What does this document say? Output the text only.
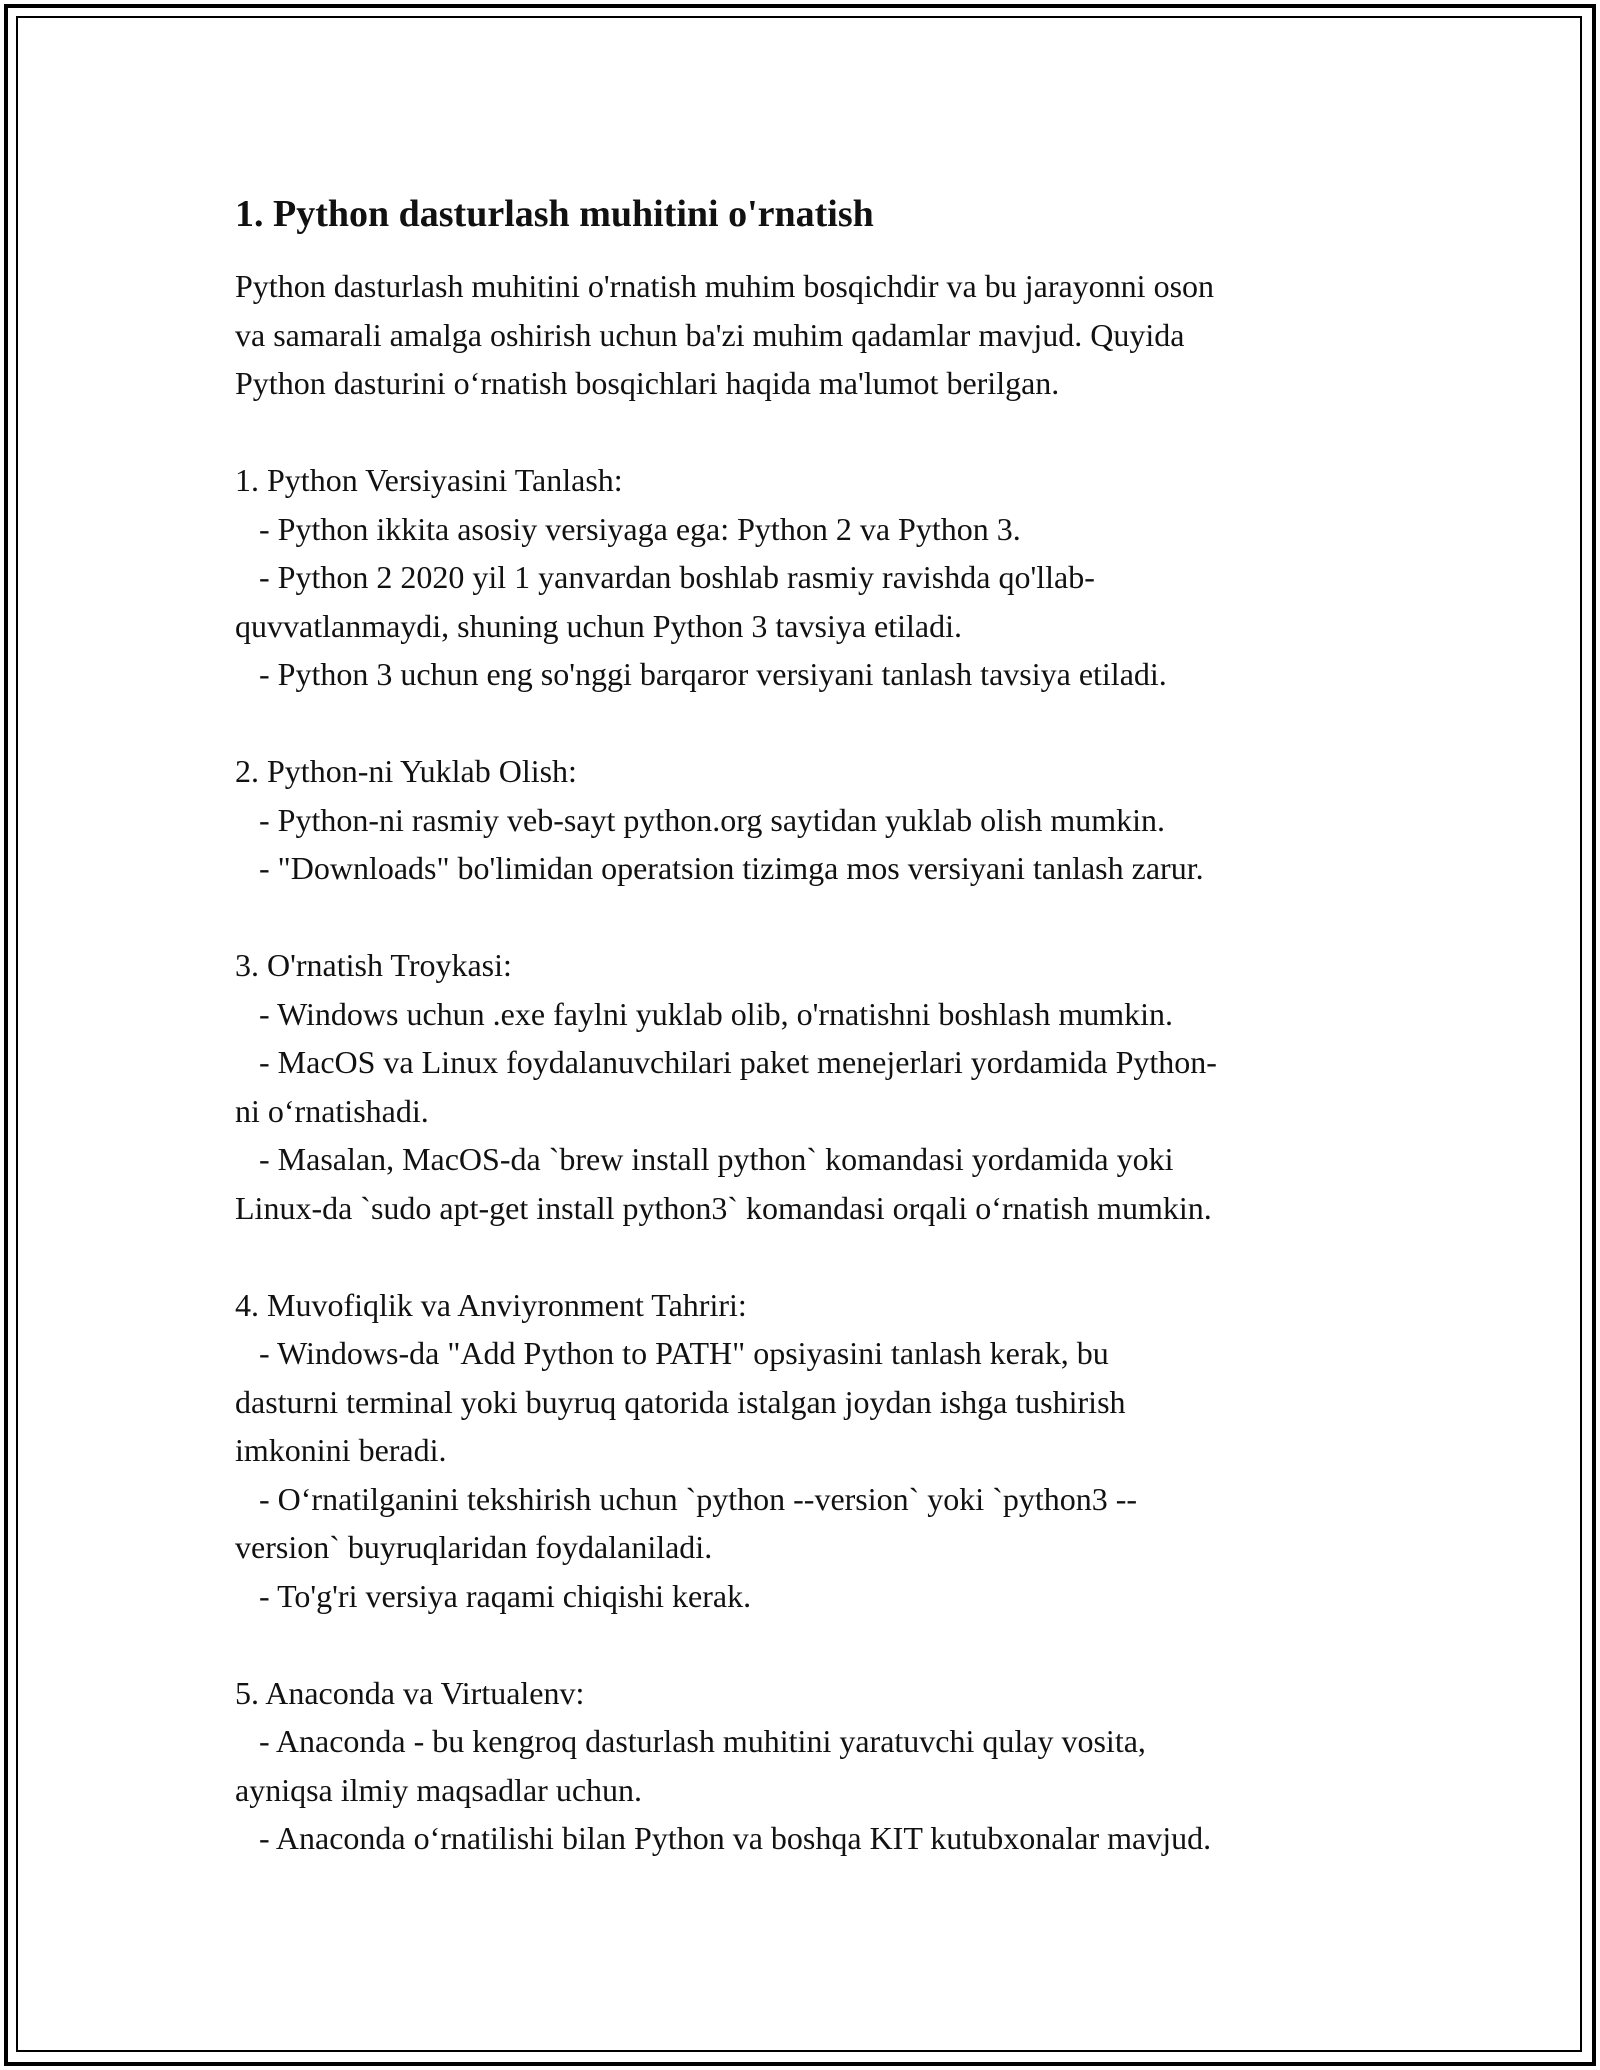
1. Python dasturlash muhitini o'rnatish
Python dasturlash muhitini o'rnatish muhim bosqichdir va bu jarayonni oson
va samarali amalga oshirish uchun ba'zi muhim qadamlar mavjud. Quyida
Python dasturini o‘rnatish bosqichlari haqida ma'lumot berilgan.
1. Python Versiyasini Tanlash:
- Python ikkita asosiy versiyaga ega: Python 2 va Python 3.
- Python 2 2020 yil 1 yanvardan boshlab rasmiy ravishda qo'llab-
quvvatlanmaydi, shuning uchun Python 3 tavsiya etiladi.
- Python 3 uchun eng so'nggi barqaror versiyani tanlash tavsiya etiladi.
2. Python-ni Yuklab Olish:
- Python-ni rasmiy veb-sayt python.org saytidan yuklab olish mumkin.
- "Downloads" bo'limidan operatsion tizimga mos versiyani tanlash zarur.
3. O'rnatish Troykasi:
- Windows uchun .exe faylni yuklab olib, o'rnatishni boshlash mumkin.
- MacOS va Linux foydalanuvchilari paket menejerlari yordamida Python-
ni o‘rnatishadi.
- Masalan, MacOS-da `brew install python` komandasi yordamida yoki
Linux-da `sudo apt-get install python3` komandasi orqali o‘rnatish mumkin.
4. Muvofiqlik va Anviyronment Tahriri:
- Windows-da "Add Python to PATH" opsiyasini tanlash kerak, bu
dasturni terminal yoki buyruq qatorida istalgan joydan ishga tushirish
imkonini beradi.
- O‘rnatilganini tekshirish uchun `python --version` yoki `python3 --
version` buyruqlaridan foydalaniladi.
- To'g'ri versiya raqami chiqishi kerak.
5. Anaconda va Virtualenv:
- Anaconda - bu kengroq dasturlash muhitini yaratuvchi qulay vosita,
ayniqsa ilmiy maqsadlar uchun.
- Anaconda o‘rnatilishi bilan Python va boshqa KIT kutubxonalar mavjud.
